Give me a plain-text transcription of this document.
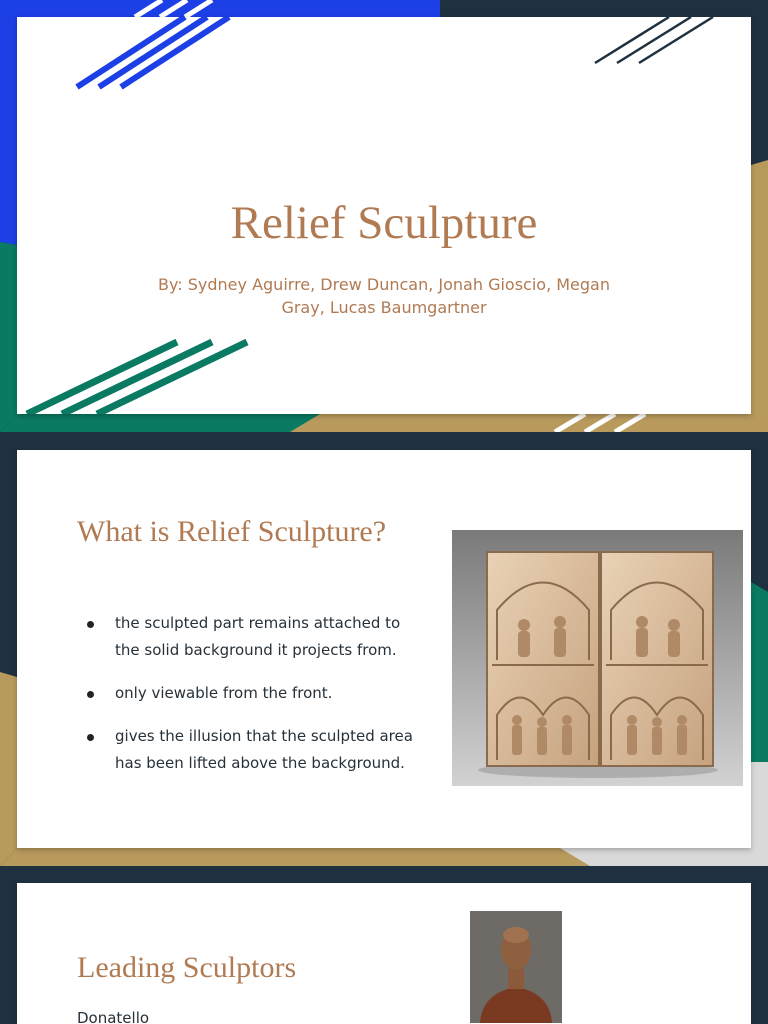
Relief Sculpture
By: Sydney Aguirre, Drew Duncan, Jonah Gioscio, Megan Gray, Lucas Baumgartner
What is Relief Sculpture?
the sculpted part remains attached to the solid background it projects from.
only viewable from the front.
gives the illusion that the sculpted area has been lifted above the background.
Leading Sculptors
Donatello
